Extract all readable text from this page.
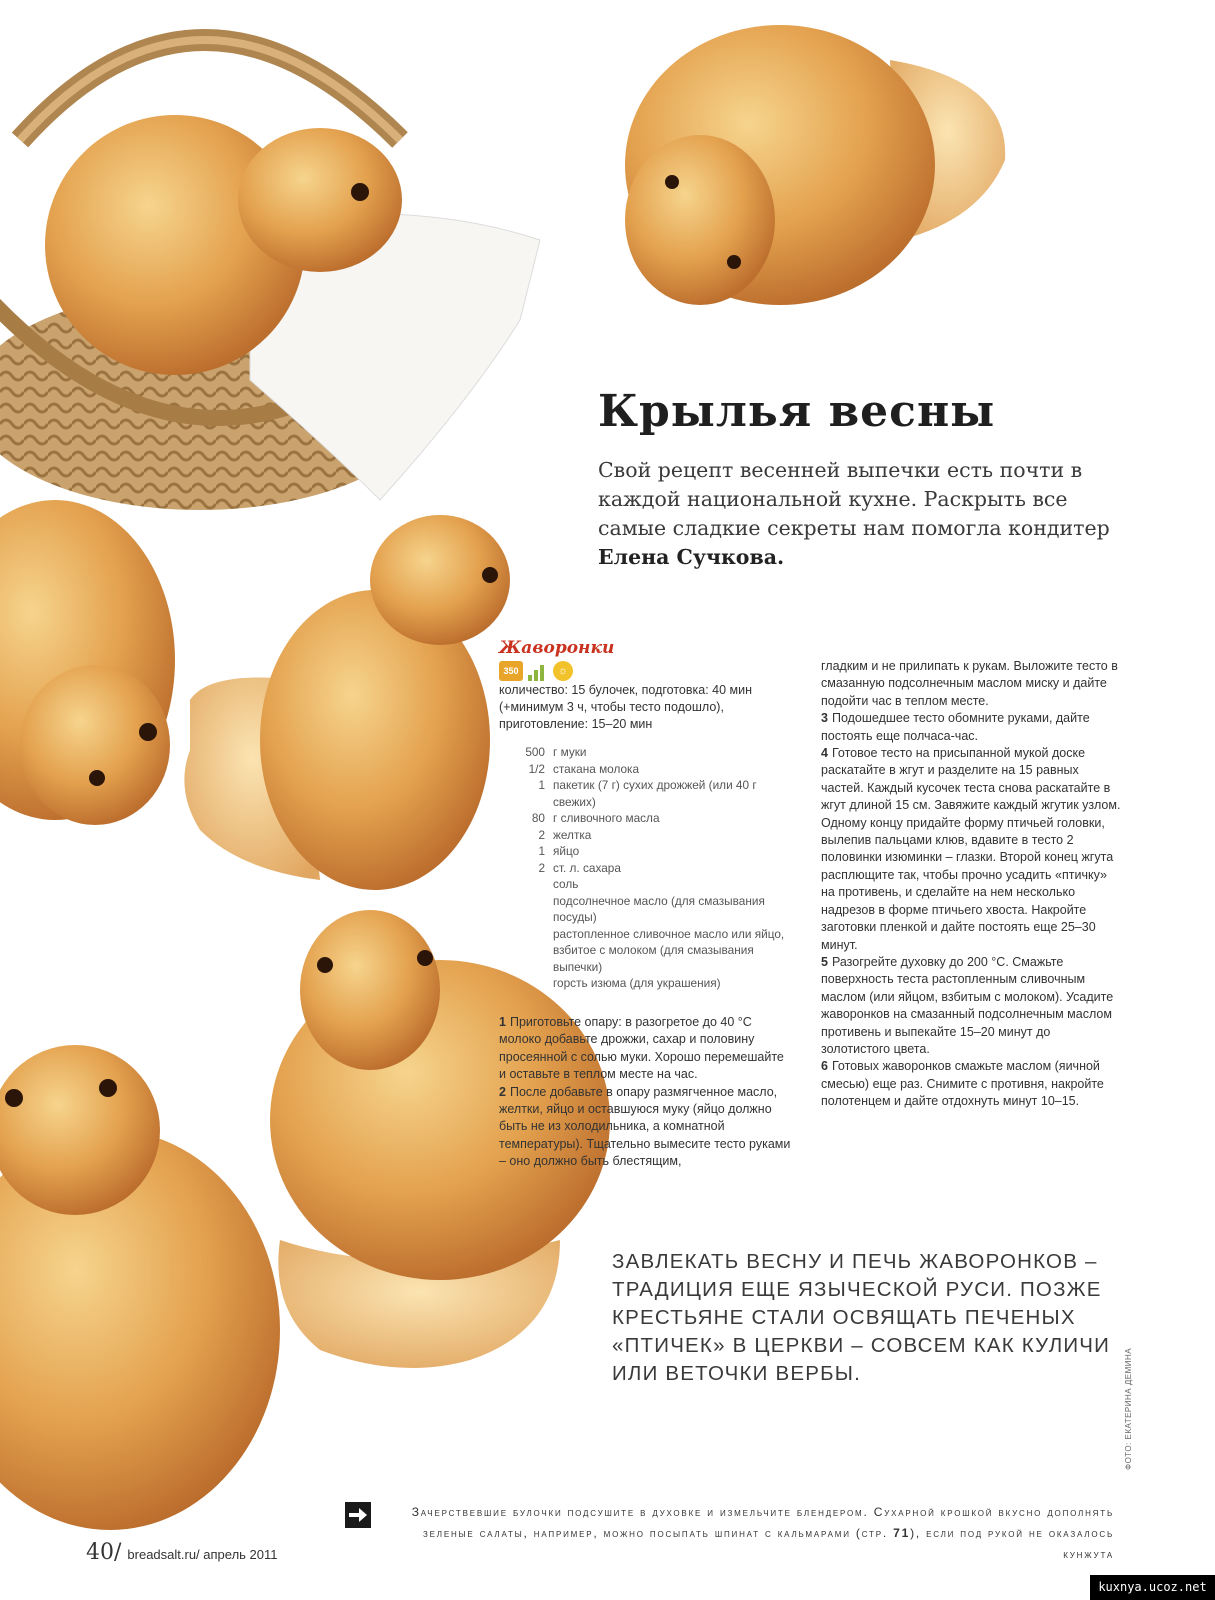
Крылья весны

Свой рецепт весенней выпечки есть почти в каждой национальной кухне. Раскрыть все самые сладкие секреты нам помогла кондитер Елена Сучкова.

Жаворонки
350	☼
количество: 15 булочек, подготовка: 40 мин (+минимум 3 ч, чтобы тесто подошло), приготовление: 15–20 мин
500 г муки
1/2 стакана молока
1 пакетик (7 г) сухих дрожжей (или 40 г свежих)
80 г сливочного масла
2 желтка
1 яйцо
2 ст. л. сахара
соль
подсолнечное масло (для смазывания посуды)
растопленное сливочное масло или яйцо, взбитое с молоком (для смазывания выпечки)
горсть изюма (для украшения)

1 Приготовьте опару: в разогретое до 40 °С молоко добавьте дрожжи, сахар и половину просеянной с солью муки. Хорошо перемешайте и оставьте в теплом месте на час.

2 После добавьте в опару размягченное масло, желтки, яйцо и оставшуюся муку (яйцо должно быть не из холодильника, а комнатной температуры). Тщательно вымесите тесто руками – оно должно быть блестящим,

гладким и не прилипать к рукам. Выложите тесто в смазанную подсолнечным маслом миску и дайте подойти час в теплом месте.

3 Подошедшее тесто обомните руками, дайте постоять еще полчаса-час.

4 Готовое тесто на присыпанной мукой доске раскатайте в жгут и разделите на 15 равных частей. Каждый кусочек теста снова раскатайте в жгут длиной 15 см. Завяжите каждый жгутик узлом. Одному концу придайте форму птичьей головки, вылепив пальцами клюв, вдавите в тесто 2 половинки изюминки – глазки. Второй конец жгута расплющите так, чтобы прочно усадить «птичку» на противень, и сделайте на нем несколько надрезов в форме птичьего хвоста. Накройте заготовки пленкой и дайте постоять еще 25–30 минут.

5 Разогрейте духовку до 200 °С. Смажьте поверхность теста растопленным сливочным маслом (или яйцом, взбитым с молоком). Усадите жаворонков на смазанный подсолнечным маслом противень и выпекайте 15–20 минут до золотистого цвета.

6 Готовых жаворонков смажьте маслом (яичной смесью) еще раз. Снимите с противня, накройте полотенцем и дайте отдохнуть минут 10–15.

ЗАВЛЕКАТЬ ВЕСНУ И ПЕЧЬ ЖАВОРОНКОВ – ТРАДИЦИЯ ЕЩЕ ЯЗЫЧЕСКОЙ РУСИ. ПОЗЖЕ КРЕСТЬЯНЕ СТАЛИ ОСВЯЩАТЬ ПЕЧЕНЫХ «ПТИЧЕК» В ЦЕРКВИ – СОВСЕМ КАК КУЛИЧИ ИЛИ ВЕТОЧКИ ВЕРБЫ.	ФОТО: ЕКАТЕРИНА ДЕМИНА
Зачерствевшие булочки подсушите в духовке и измельчите блендером. Сухарной крошкой вкусно дополнять зеленые салаты, например, можно посыпать шпинат с кальмарами (стр. 71), если под рукой не оказалось кунжута
40/ breadsalt.ru/ апрель 2011
kuxnya.ucoz.net
